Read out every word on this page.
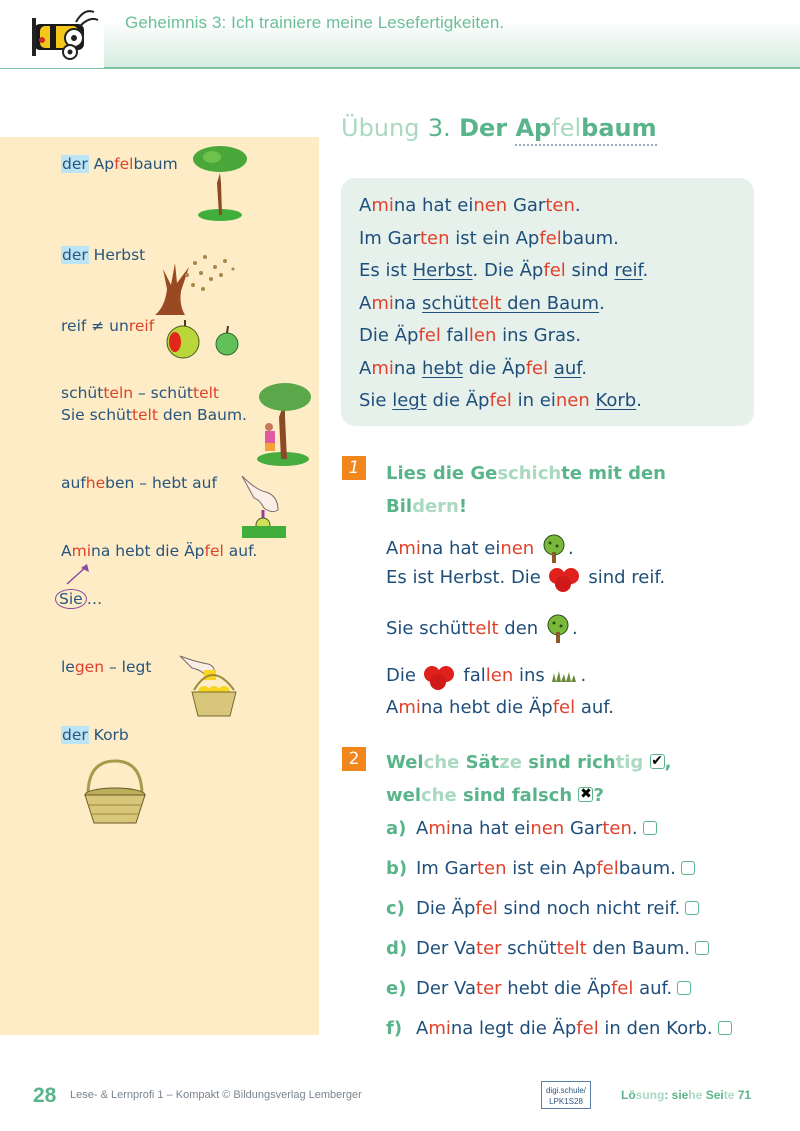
Geheimnis 3: Ich trainiere meine Lesefertigkeiten.
der Apfelbaum
der Herbst
reif ≠ unreif
schütteln – schüttelt
Sie schüttelt den Baum.
aufheben – hebt auf
Amina hebt die Äpfel auf.
Sie …
legen – legt
der Korb
Übung 3. Der Apfelbaum
Amina hat einen Garten.
Im Garten ist ein Apfelbaum.
Es ist Herbst. Die Äpfel sind reif.
Amina schüttelt den Baum.
Die Äpfel fallen ins Gras.
Amina hebt die Äpfel auf.
Sie legt die Äpfel in einen Korb.
1	Lies die Geschichte mit den
Bildern!
Amina hat einen .
Es ist Herbst. Die  sind reif.
Sie schüttelt den .
Die  fallen ins .
Amina hebt die Äpfel auf.
2	Welche Sätze sind richtig ✔,
welche sind falsch ✖?
a) Amina hat einen Garten.
b) Im Garten ist ein Apfelbaum.
c) Die Äpfel sind noch nicht reif.
d) Der Vater schüttelt den Baum.
e) Der Vater hebt die Äpfel auf.
f) Amina legt die Äpfel in den Korb.
28 Lese- & Lernprofi 1 – Kompakt © Bildungsverlag Lemberger	digi.schule/
LPK1S28	Lösung: siehe Seite 71
